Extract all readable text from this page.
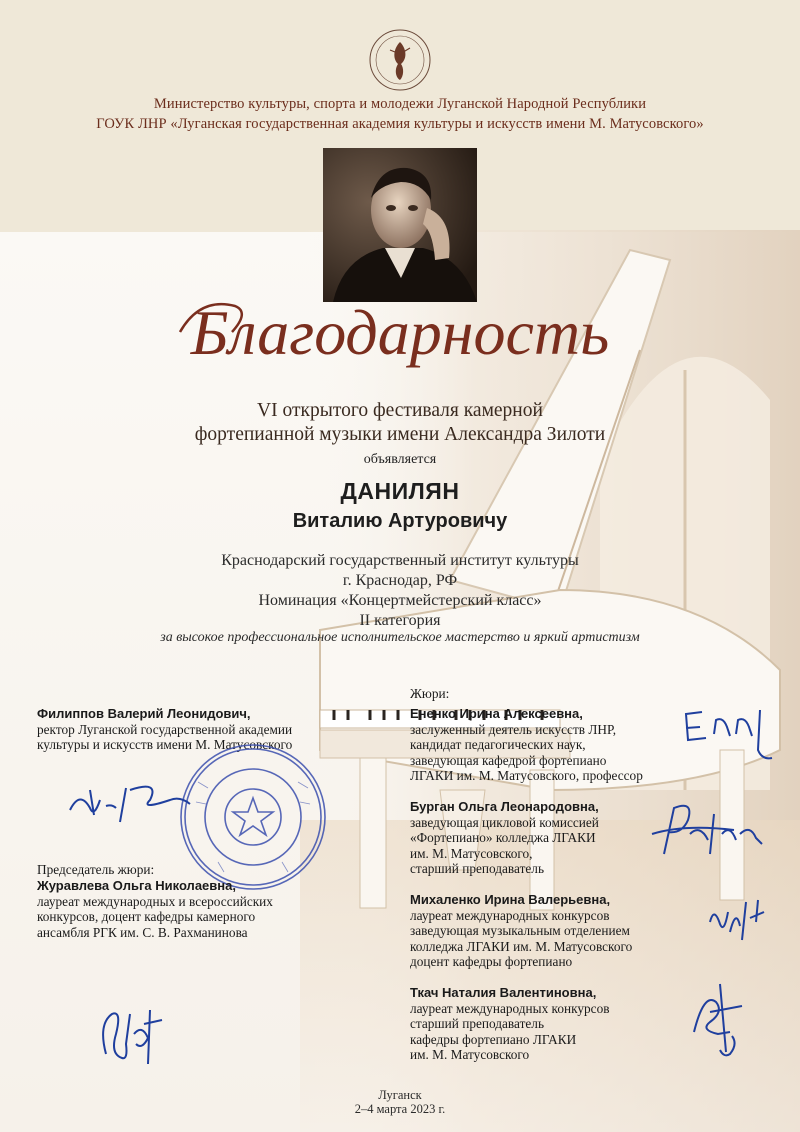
Министерство культуры, спорта и молодежи Луганской Народной Республики
ГОУК ЛНР «Луганская государственная академия культуры и искусств имени М. Матусовского»
Благодарность
VI открытого фестиваля камерной
фортепианной музыки имени Александра Зилоти
объявляется
ДАНИЛЯН
Виталию Артуровичу
Краснодарский государственный институт культуры
г. Краснодар, РФ
Номинация «Концертмейстерский класс»
II категория
за высокое профессиональное исполнительское мастерство и яркий артистизм
Филиппов Валерий Леонидович,
ректор Луганской государственной академии
культуры и искусств имени М. Матусовского
Председатель жюри:
Журавлева Ольга Николаевна,
лауреат международных и всероссийских
конкурсов, доцент кафедры камерного
ансамбля РГК им. С. В. Рахманинова
Жюри:
Ененко Ирина Алексеевна,
заслуженный деятель искусств ЛНР,
кандидат педагогических наук,
заведующая кафедрой фортепиано
ЛГАКИ им. М. Матусовского, профессор
Бурган Ольга Леонародовна,
заведующая цикловой комиссией
«Фортепиано» колледжа ЛГАКИ
им. М. Матусовского,
старший преподаватель
Михаленко Ирина Валерьевна,
лауреат международных конкурсов
заведующая музыкальным отделением
колледжа ЛГАКИ им. М. Матусовского
доцент кафедры фортепиано
Ткач Наталия Валентиновна,
лауреат международных конкурсов
старший преподаватель
кафедры фортепиано ЛГАКИ
им. М. Матусовского
Луганск
2–4 марта 2023 г.
